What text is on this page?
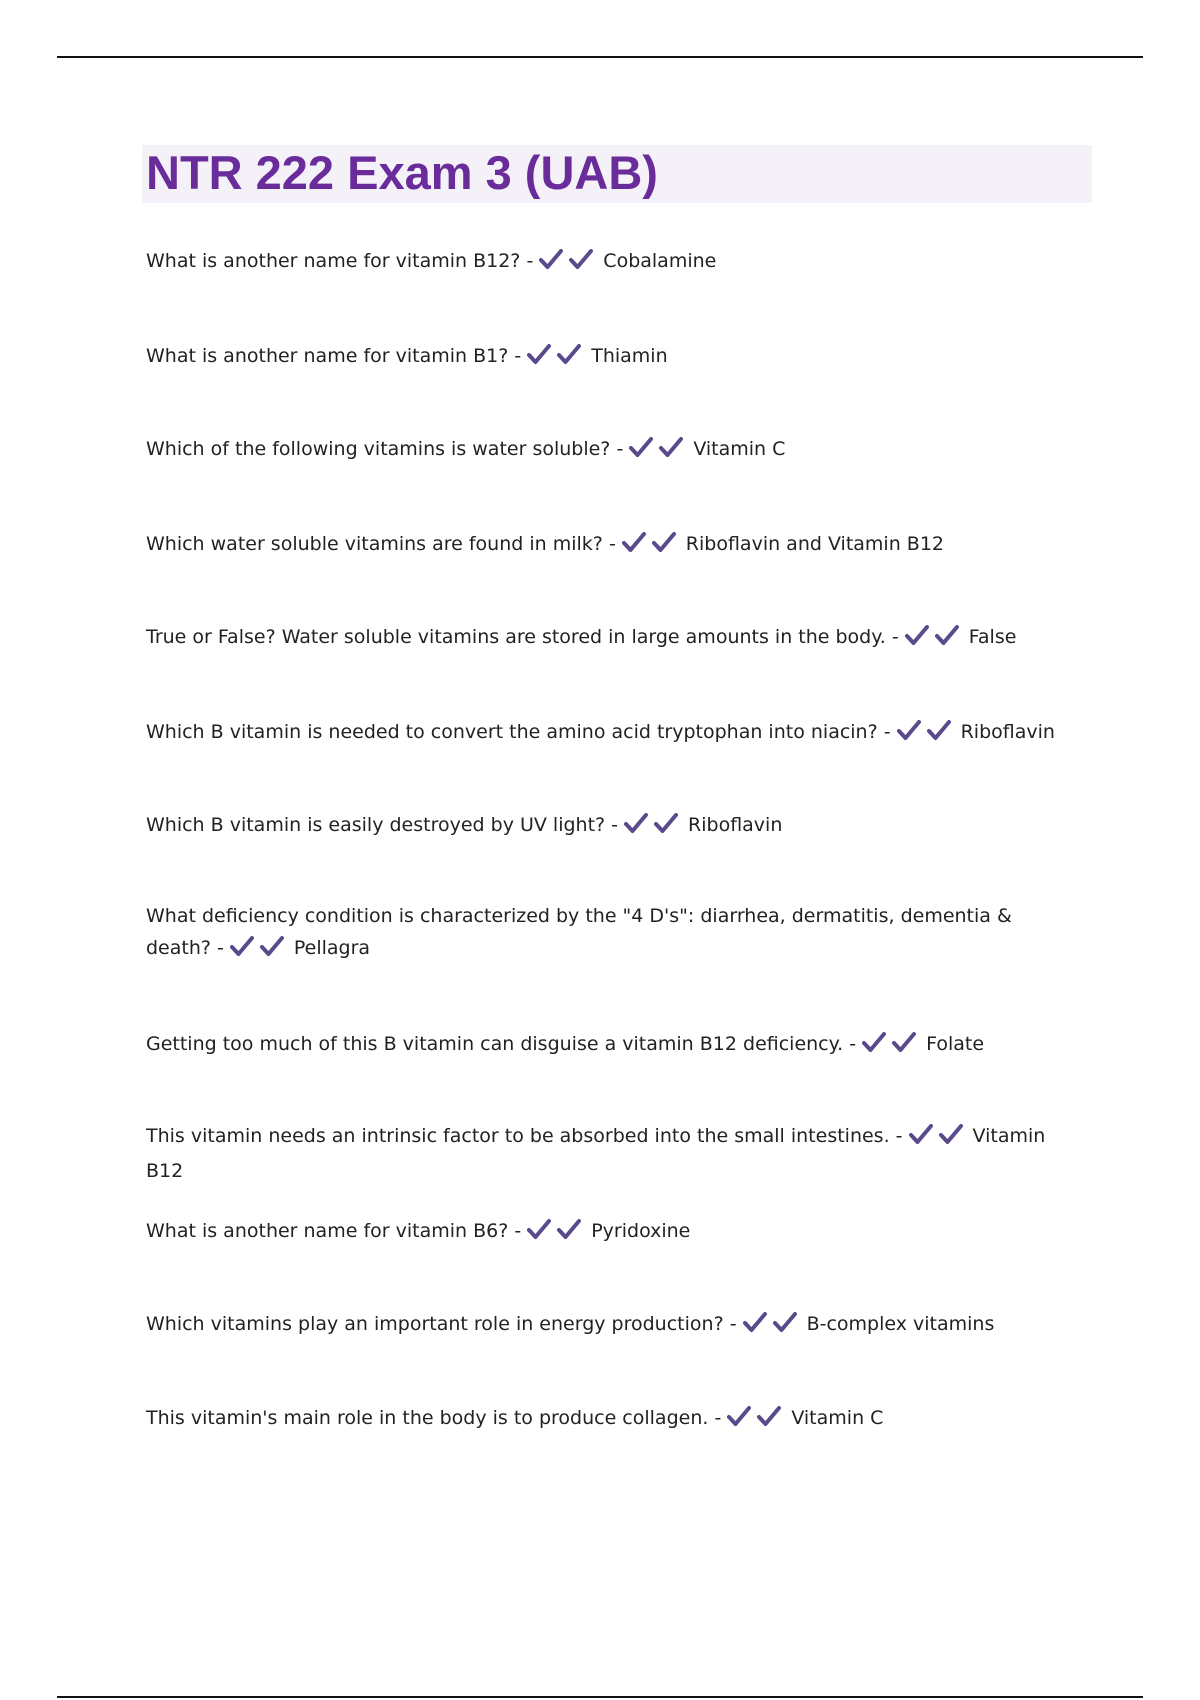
NTR 222 Exam 3 (UAB)
What is another name for vitamin B12? -	Cobalamine
What is another name for vitamin B1? -	Thiamin
Which of the following vitamins is water soluble? -	Vitamin C
Which water soluble vitamins are found in milk? -	Riboflavin and Vitamin B12
True or False? Water soluble vitamins are stored in large amounts in the body. -	False
Which B vitamin is needed to convert the amino acid tryptophan into niacin? -	Riboflavin
Which B vitamin is easily destroyed by UV light? -	Riboflavin
What deficiency condition is characterized by the "4 D's": diarrhea, dermatitis, dementia & death? -	Pellagra
Getting too much of this B vitamin can disguise a vitamin B12 deficiency. -	Folate
This vitamin needs an intrinsic factor to be absorbed into the small intestines. -	Vitamin B12
What is another name for vitamin B6? -	Pyridoxine
Which vitamins play an important role in energy production? -	B-complex vitamins
This vitamin's main role in the body is to produce collagen. -	Vitamin C
